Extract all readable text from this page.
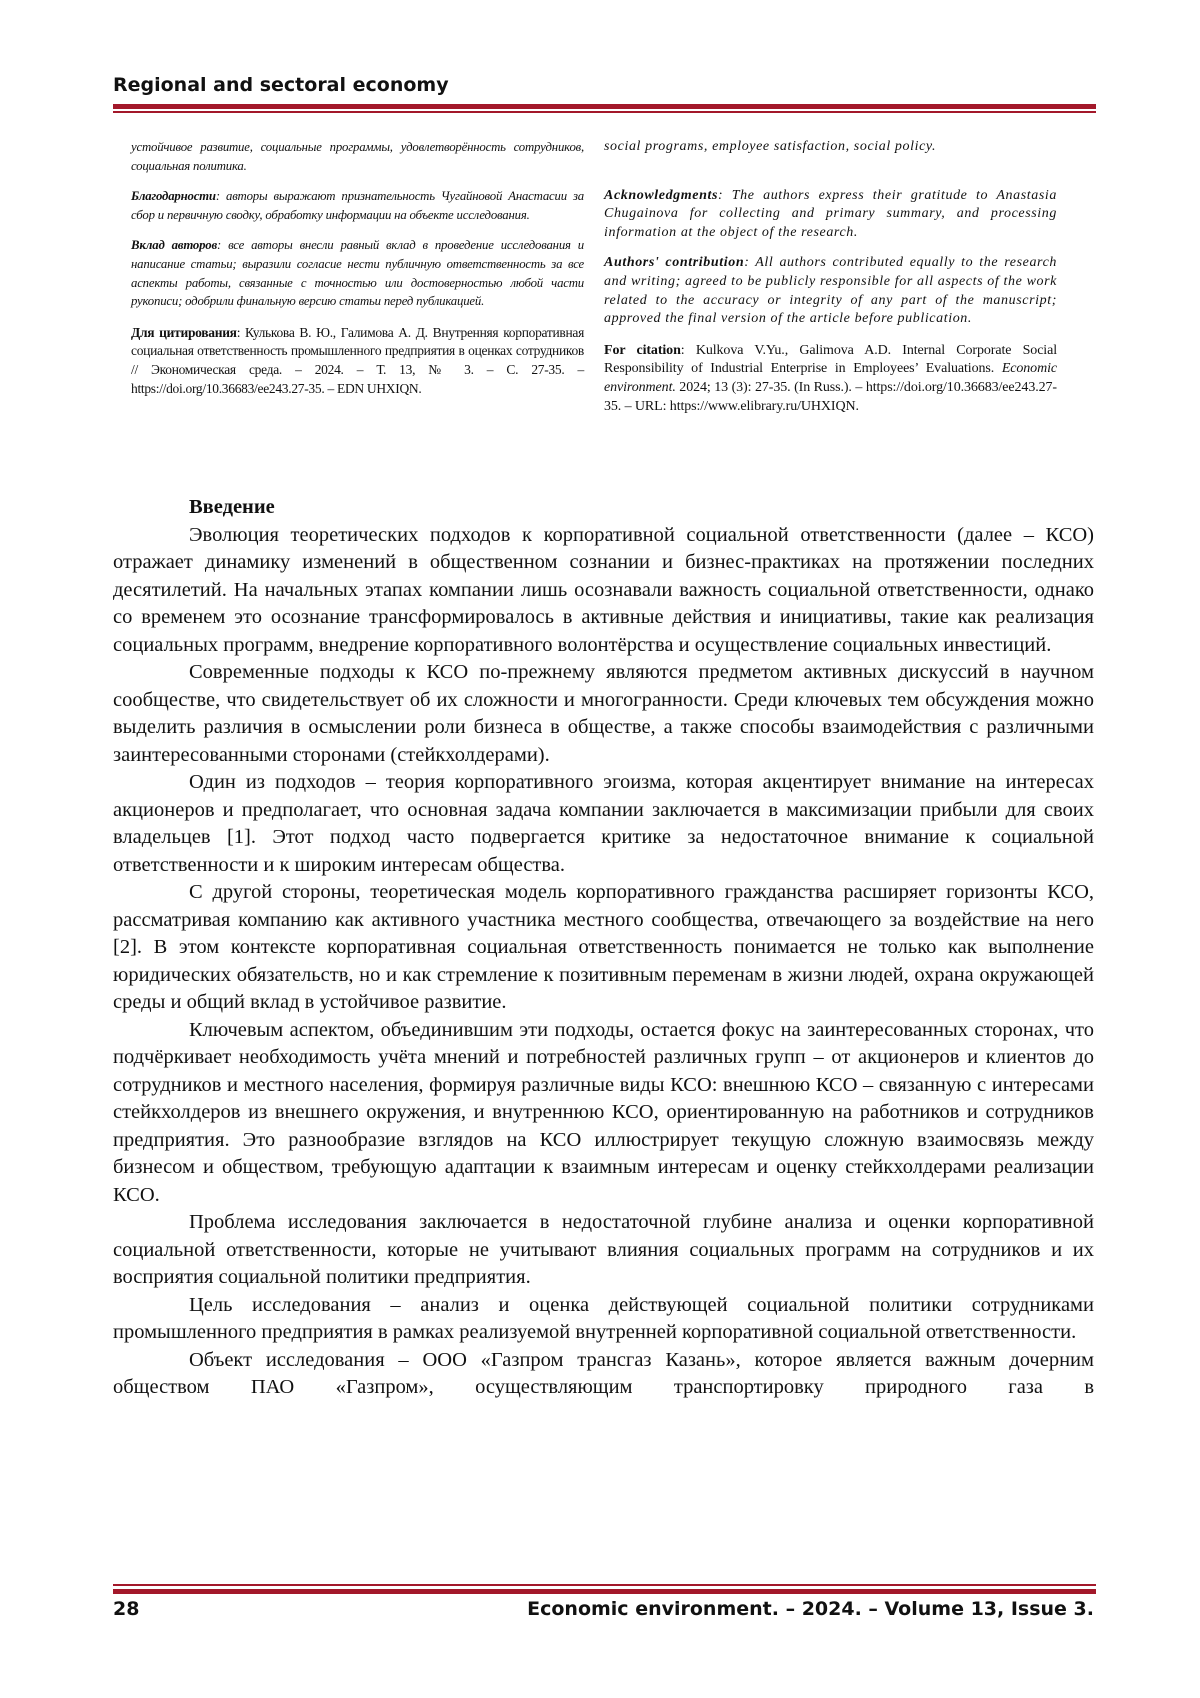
Regional and sectoral economy

устойчивое развитие, социальные программы, удовлетворённость сотрудников, социальная политика.

Благодарности: авторы выражают признательность Чугайновой Анастасии за сбор и первичную сводку, обработку информации на объекте исследования.

Вклад авторов: все авторы внесли равный вклад в проведение исследования и написание статьи; выразили согласие нести публичную ответственность за все аспекты работы, связанные с точностью или достоверностью любой части рукописи; одобрили финальную версию статьи перед публикацией.

Для цитирования: Кулькова В. Ю., Галимова А. Д. Внутренняя корпоративная социальная ответственность промышленного предприятия в оценках сотрудников // Экономическая среда. – 2024. – Т. 13, № 3. – С. 27-35. – https://doi.org/10.36683/ee243.27-35. – EDN UHXIQN.

social programs, employee satisfaction, social policy.

Acknowledgments: The authors express their gratitude to Anastasia Chugainova for collecting and primary summary, and processing information at the object of the research.

Authors' contribution: All authors contributed equally to the research and writing; agreed to be publicly responsible for all aspects of the work related to the accuracy or integrity of any part of the manuscript; approved the final version of the article before publication.

For citation: Kulkova V.Yu., Galimova A.D. Internal Corporate Social Responsibility of Industrial Enterprise in Employees’ Evaluations. Economic environment. 2024; 13 (3): 27-35. (In Russ.). – https://doi.org/10.36683/ee243.27-35. – URL: https://www.elibrary.ru/UHXIQN.

Введение

Эволюция теоретических подходов к корпоративной социальной ответственности (далее – КСО) отражает динамику изменений в общественном сознании и бизнес-практиках на протяжении последних десятилетий. На начальных этапах компании лишь осознавали важность социальной ответственности, однако со временем это осознание трансформировалось в активные действия и инициативы, такие как реализация социальных программ, внедрение корпоративного волонтёрства и осуществление социальных инвестиций.

Современные подходы к КСО по-прежнему являются предметом активных дискуссий в научном сообществе, что свидетельствует об их сложности и многогранности. Среди ключевых тем обсуждения можно выделить различия в осмыслении роли бизнеса в обществе, а также способы взаимодействия с различными заинтересованными сторонами (стейкхолдерами).

Один из подходов – теория корпоративного эгоизма, которая акцентирует внимание на интересах акционеров и предполагает, что основная задача компании заключается в максимизации прибыли для своих владельцев [1]. Этот подход часто подвергается критике за недостаточное внимание к социальной ответственности и к широким интересам общества.

С другой стороны, теоретическая модель корпоративного гражданства расширяет горизонты КСО, рассматривая компанию как активного участника местного сообщества, отвечающего за воздействие на него [2]. В этом контексте корпоративная социальная ответственность понимается не только как выполнение юридических обязательств, но и как стремление к позитивным переменам в жизни людей, охрана окружающей среды и общий вклад в устойчивое развитие.

Ключевым аспектом, объединившим эти подходы, остается фокус на заинтересованных сторонах, что подчёркивает необходимость учёта мнений и потребностей различных групп – от акционеров и клиентов до сотрудников и местного населения, формируя различные виды КСО: внешнюю КСО – связанную с интересами стейкхолдеров из внешнего окружения, и внутреннюю КСО, ориентированную на работников и сотрудников предприятия. Это разнообразие взглядов на КСО иллюстрирует текущую сложную взаимосвязь между бизнесом и обществом, требующую адаптации к взаимным интересам и оценку стейкхолдерами реализации КСО.

Проблема исследования заключается в недостаточной глубине анализа и оценки корпоративной социальной ответственности, которые не учитывают влияния социальных программ на сотрудников и их восприятия социальной политики предприятия.

Цель исследования – анализ и оценка действующей социальной политики сотрудниками промышленного предприятия в рамках реализуемой внутренней корпоративной социальной ответственности.

Объект исследования – ООО «Газпром трансгаз Казань», которое является важным дочерним обществом ПАО «Газпром», осуществляющим транспортировку природного газа в

28	Economic environment. – 2024. – Volume 13, Issue 3.
